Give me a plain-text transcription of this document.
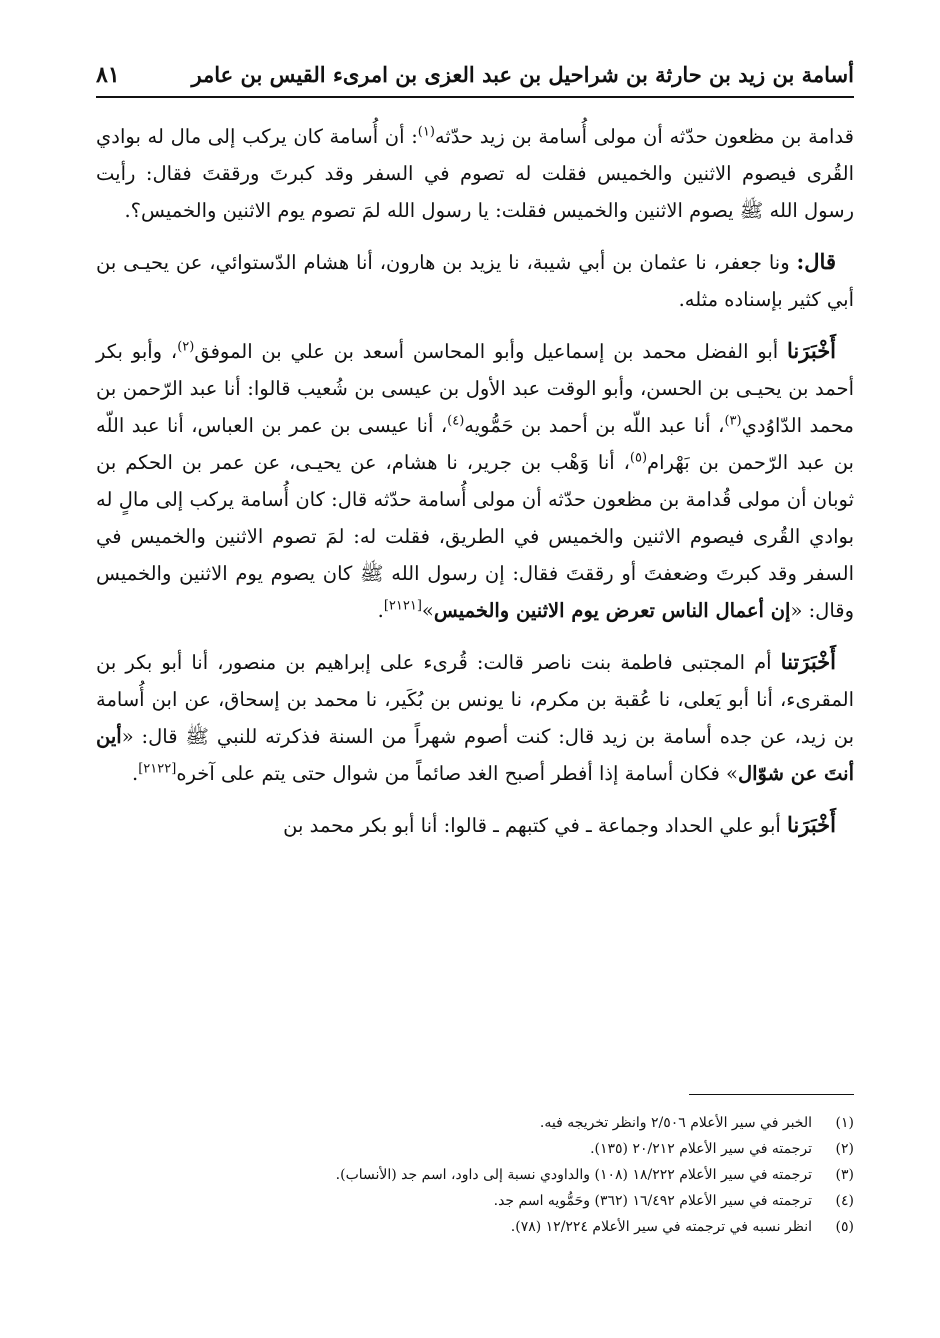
أسامة بن زيد بن حارثة بن شراحيل بن عبد العزى بن امرىء القيس بن عامر
٨١

قدامة بن مظعون حدّثه أن مولى أُسامة بن زيد حدّثه$^{(١)}$: أن أُسامة كان يركب إلى مال له بوادي القُرى فيصوم الاثنين والخميس فقلت له تصوم في السفر وقد كبرتَ ورققتَ فقال: رأيت رسول الله ﷺ يصوم الاثنين والخميس فقلت: يا رسول الله لمَ تصوم يوم الاثنين والخميس؟.

قال: ونا جعفر، نا عثمان بن أبي شيبة، نا يزيد بن هارون، أنا هشام الدّستوائي، عن يحيـى بن أبي كثير بإسناده مثله.

أَخْبَرَنا أبو الفضل محمد بن إسماعيل وأبو المحاسن أسعد بن علي بن الموفق$^{(٢)}$، وأبو بكر أحمد بن يحيـى بن الحسن، وأبو الوقت عبد الأول بن عيسى بن شُعيب قالوا: أنا عبد الرّحمن بن محمد الدّاوُدي$^{(٣)}$، أنا عبد اللّه بن أحمد بن حَمُّويه$^{(٤)}$، أنا عيسى بن عمر بن العباس، أنا عبد اللّه بن عبد الرّحمن بن بَهْرام$^{(٥)}$، أنا وَهْب بن جرير، نا هشام، عن يحيـى، عن عمر بن الحكم بن ثوبان أن مولى قُدامة بن مظعون حدّثه أن مولى أُسامة حدّثه قال: كان أُسامة يركب إلى مالٍ له بوادي القُرى فيصوم الاثنين والخميس في الطريق، فقلت له: لمَ تصوم الاثنين والخميس في السفر وقد كبرتَ وضعفتَ أو رققتَ فقال: إن رسول الله ﷺ كان يصوم يوم الاثنين والخميس وقال: «إن أعمال الناس تعرض يوم الاثنين والخميس»[٢١٢١].

أَخْبَرَتنا أم المجتبى فاطمة بنت ناصر قالت: قُرىء على إبراهيم بن منصور، أنا أبو بكر بن المقرىء، أنا أبو يَعلى، نا عُقبة بن مكرم، نا يونس بن بُكَير، نا محمد بن إسحاق، عن ابن أُسامة بن زيد، عن جده أسامة بن زيد قال: كنت أصوم شهراً من السنة فذكرته للنبي ﷺ قال: «أين أنتَ عن شوّال» فكان أسامة إذا أفطر أصبح الغد صائماً من شوال حتى يتم على آخره[٢١٢٢].

أَخْبَرَنا أبو علي الحداد وجماعة ـ في كتبهم ـ قالوا: أنا أبو بكر محمد بن

(١)
الخبر في سير الأعلام ٢/٥٠٦ وانظر تخريجه فيه.
(٢)
ترجمته في سير الأعلام ٢٠/٢١٢ (١٣٥).
(٣)
ترجمته في سير الأعلام ١٨/٢٢٢ (١٠٨) والداودي نسبة إلى داود، اسم جد (الأنساب).
(٤)
ترجمته في سير الأعلام ١٦/٤٩٢ (٣٦٢) وحَمُّويه اسم جد.
(٥)
انظر نسبه في ترجمته في سير الأعلام ١٢/٢٢٤ (٧٨).
